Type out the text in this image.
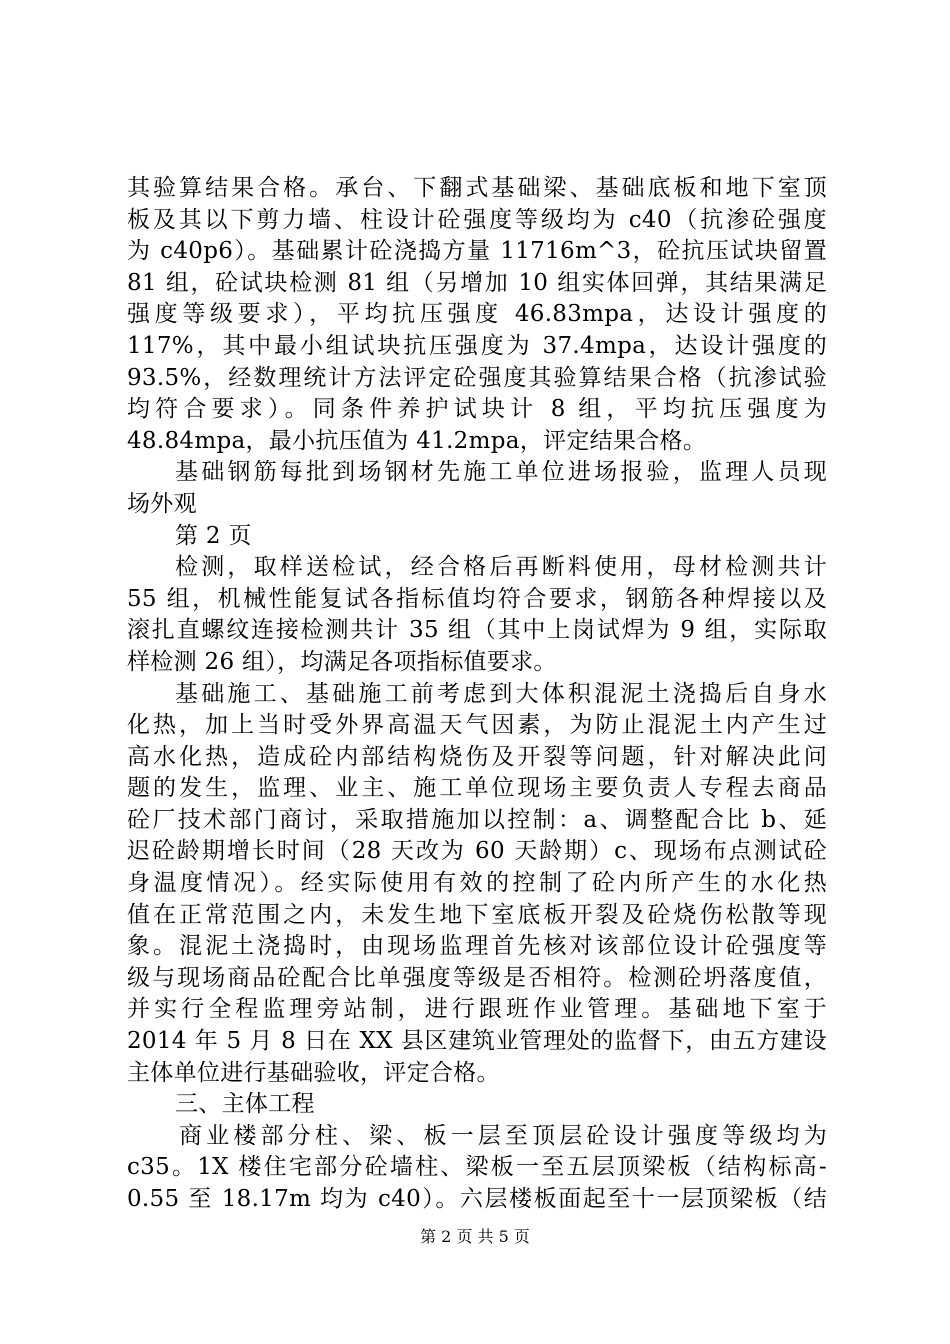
其验算结果合格。承台、下翻式基础梁、基础底板和地下室顶
板及其以下剪力墙、柱设计砼强度等级均为 c40（抗渗砼强度
为 c40p6）。基础累计砼浇捣方量 11716m^3，砼抗压试块留置
81 组，砼试块检测 81 组（另增加 10 组实体回弹，其结果满足
强度等级要求），平均抗压强度 46.83mpa，达设计强度的
117%，其中最小组试块抗压强度为 37.4mpa，达设计强度的
93.5%，经数理统计方法评定砼强度其验算结果合格（抗渗试验
均符合要求）。同条件养护试块计 8 组，平均抗压强度为
48.84mpa，最小抗压值为 41.2mpa，评定结果合格。
基础钢筋每批到场钢材先施工单位进场报验，监理人员现
场外观
第 2 页
检测，取样送检试，经合格后再断料使用，母材检测共计
55 组，机械性能复试各指标值均符合要求，钢筋各种焊接以及
滚扎直螺纹连接检测共计 35 组（其中上岗试焊为 9 组，实际取
样检测 26 组），均满足各项指标值要求。
基础施工、基础施工前考虑到大体积混泥土浇捣后自身水
化热，加上当时受外界高温天气因素，为防止混泥土内产生过
高水化热，造成砼内部结构烧伤及开裂等问题，针对解决此问
题的发生，监理、业主、施工单位现场主要负责人专程去商品
砼厂技术部门商讨，采取措施加以控制：a、调整配合比 b、延
迟砼龄期增长时间（28 天改为 60 天龄期）c、现场布点测试砼
身温度情况）。经实际使用有效的控制了砼内所产生的水化热
值在正常范围之内，未发生地下室底板开裂及砼烧伤松散等现
象。混泥土浇捣时，由现场监理首先核对该部位设计砼强度等
级与现场商品砼配合比单强度等级是否相符。检测砼坍落度值，
并实行全程监理旁站制，进行跟班作业管理。基础地下室于
2014 年 5 月 8 日在 XX 县区建筑业管理处的监督下，由五方建设
主体单位进行基础验收，评定合格。
三、主体工程
商业楼部分柱、梁、板一层至顶层砼设计强度等级均为
c35。1X 楼住宅部分砼墙柱、梁板一至五层顶梁板（结构标高-
0.55 至 18.17m 均为 c40）。六层楼板面起至十一层顶梁板（结
第 2 页 共 5 页
